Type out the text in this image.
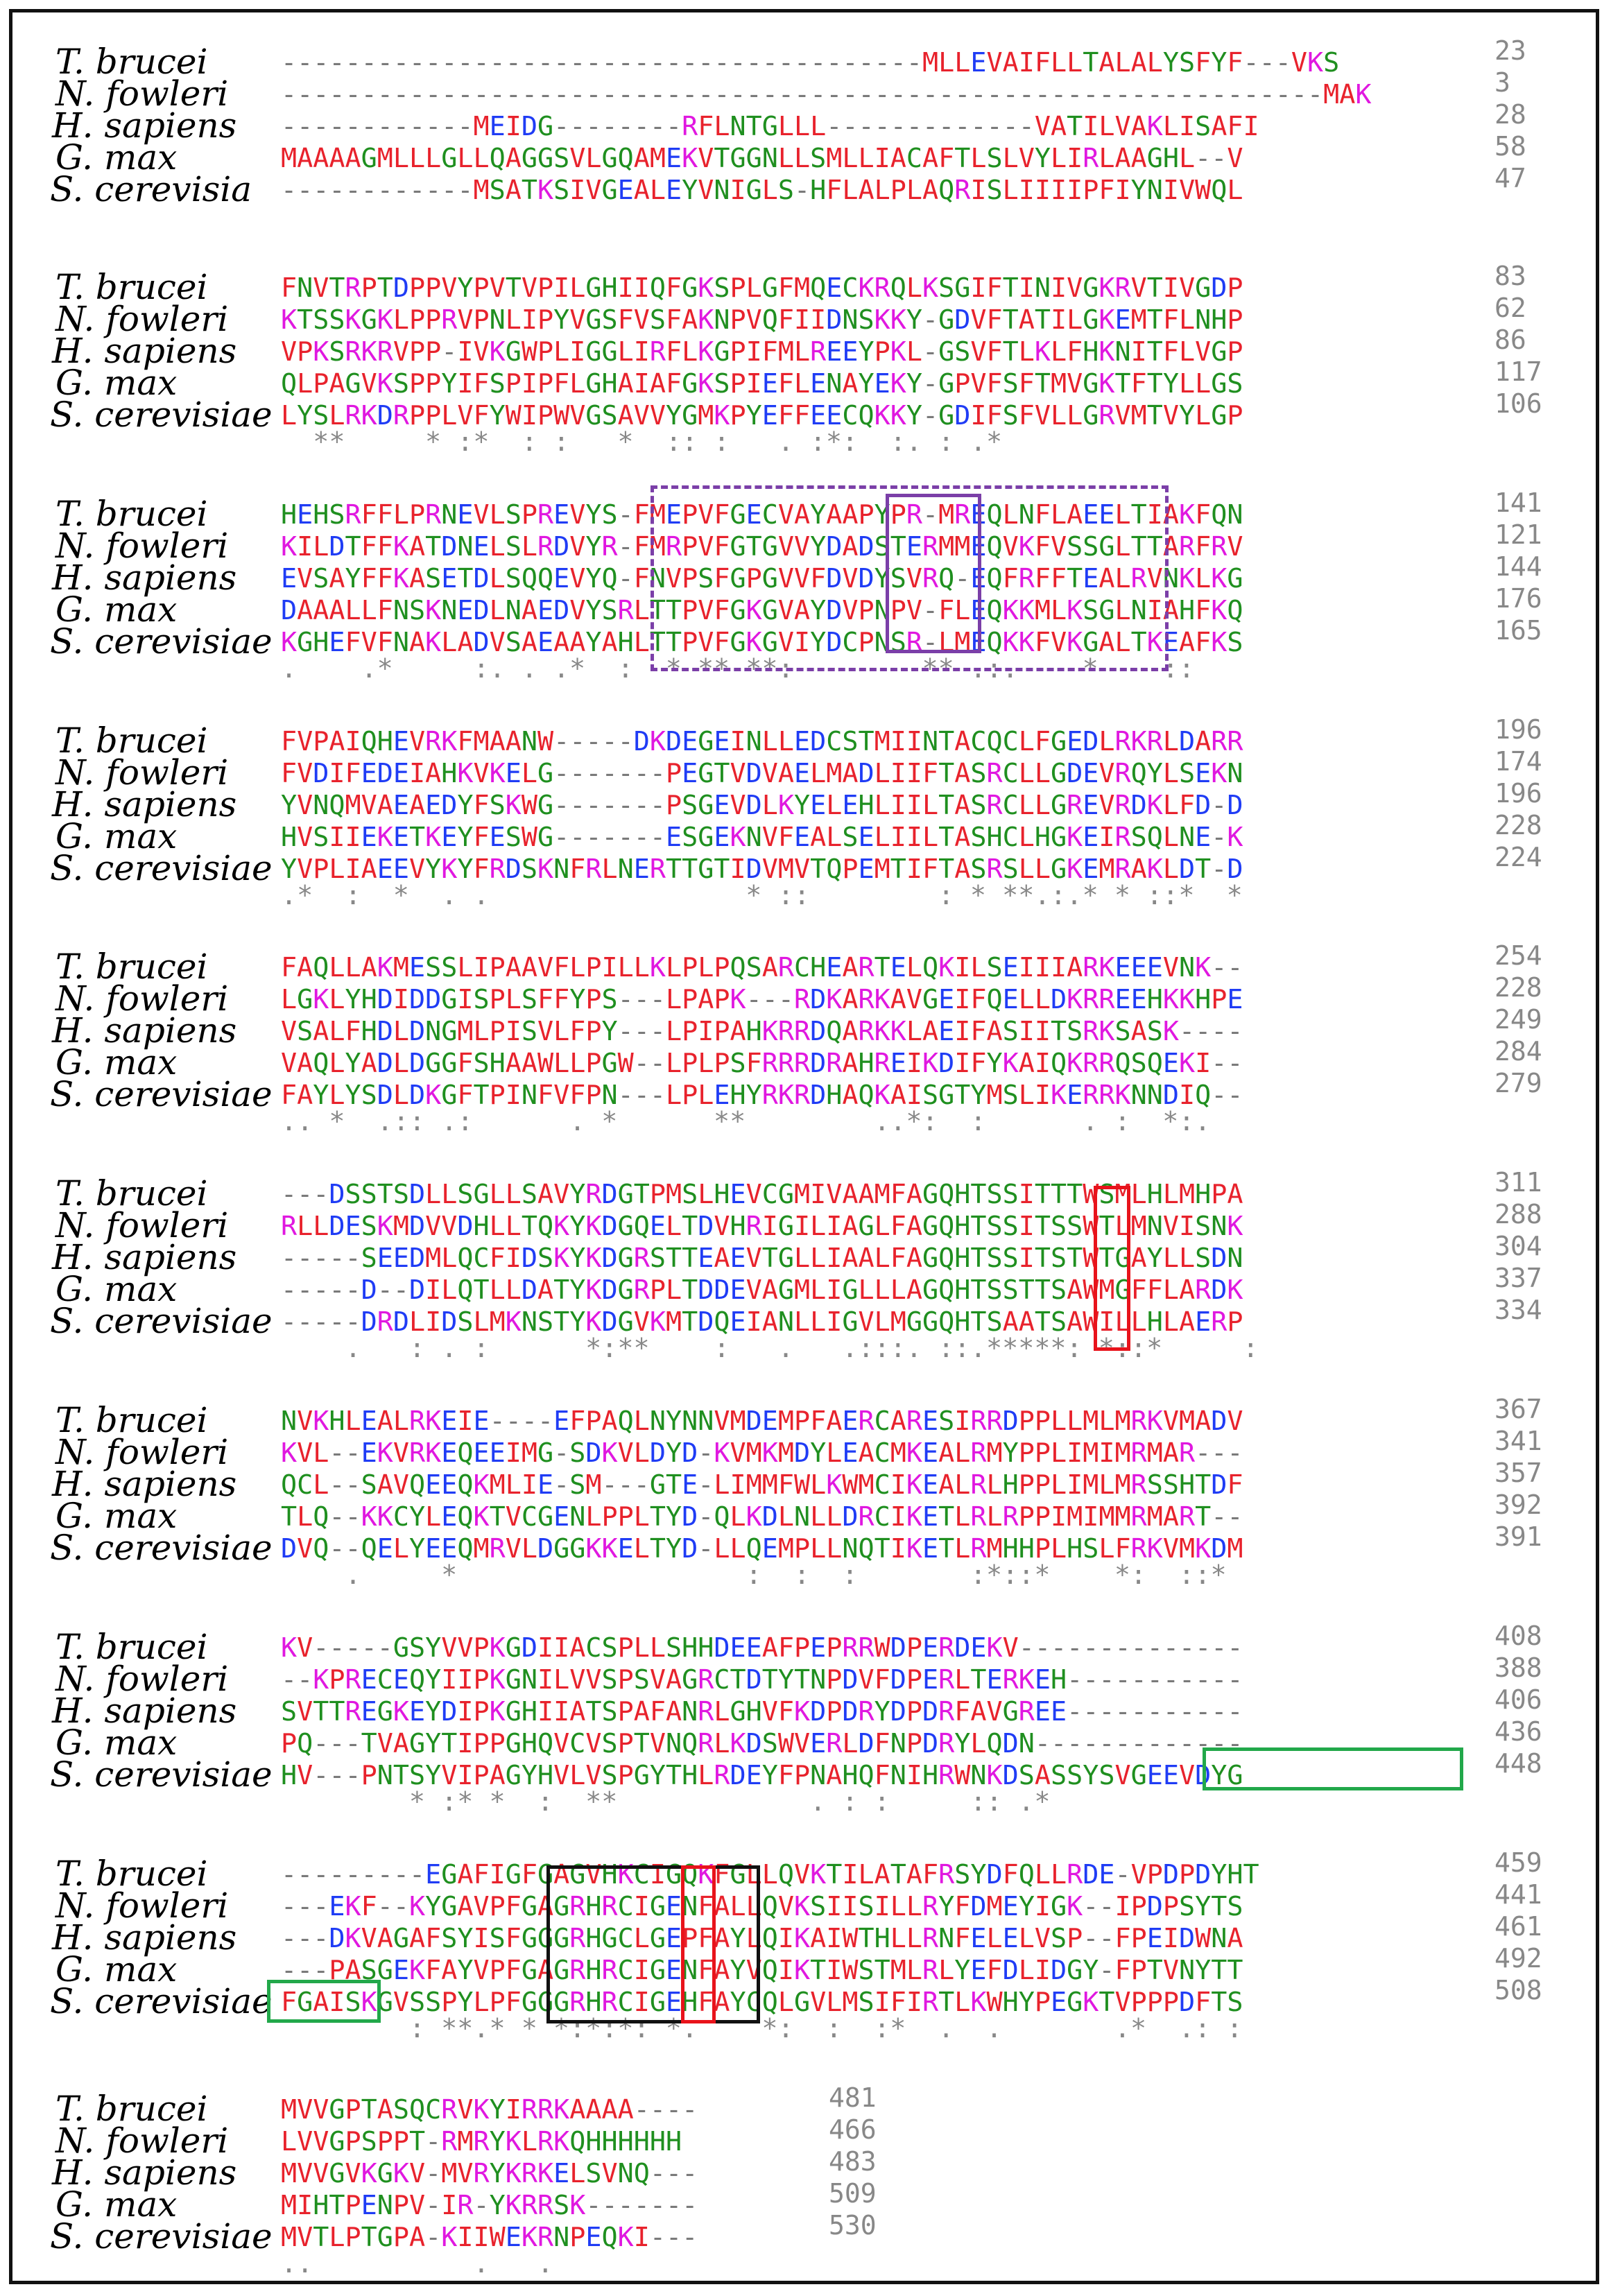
T. brucei	----------------------------------------MLLEVAIFLLTALALYSFYF---VKS	23
N. fowleri -----------------------------------------------------------------MAK	3
H. sapiens ------------MEIDG--------RFLNTGLLL-------------VATILVAKLISAFI	28
G. max	MAAAAGMLLLGLLQAGGSVLGQAMEKVTGGNLLSMLLIACAFTLSLVYLIRLAAGHL--V	58
S. cerevisia ------------MSATKSIVGEALEYVNIGLS-HFLALPLAQRISLIIIIPFIYNIVWQL	47
T. brucei	FNVTRPTDPPVYPVTVPILGHIIQFGKSPLGFMQECKRQLKSGIFTINIVGKRVTIVGDP	83
N. fowleri KTSSKGKLPPRVPNLIPYVGSFVSFAKNPVQFIIDNSKKY-GDVFTATILGKEMTFLNHP	62
H. sapiens VPKSRKRVPP-IVKGWPLIGGLIRFLKGPIFMLREEYPKL-GSVFTLKLFHKNITFLVGP	86
G. max	QLPAGVKSPPYIFSPIPFLGHAIAFGKSPIEFLENAYEKY-GPVFSFTMVGKTFTYLLGS	117
S. cerevisiae LYSLRKDRPPLVFYWIPWVGSAVVYGMKPYEFFEECQKKY-GDIFSFVLLGRVMTVYLGP	106
**     * :*  : :   *  :: :   . :*:  :. : .*
T. brucei	HEHSRFFLPRNEVLSPREVYS-FMEPVFGECVAYAAPYPR-MREQLNFLAEELTIAKFQN	141
N. fowleri KILDTFFKATDNELSLRDVYR-FMRPVFGTGVVYDADSTERMMEQVKFVSSGLTTARFRV	121
H. sapiens EVSAYFFKASETDLSQQEVYQ-FNVPSFGPGVVFDVDYSVRQ-EQFRFFTEALRVNKLKG	144
G. max	DAAALLFNSKNEDLNAEDVYSRLTTPVFGKGVAYDVPNPV-FLEQKKMLKSGLNIAHFKQ	176
S. cerevisiae KGHEFVFNAKLADVSAEAAYAHLTTPVFGKGVIYDCPNSR-LMEQKKFVKGALTKEAFKS	165
.    .*     :. . .*  :  * ** **:        ** .:.    *    ::
T. brucei	FVPAIQHEVRKFMAANW-----DKDEGEINLLEDCSTMIINTACQCLFGEDLRKRLDARR	196
N. fowleri FVDIFEDEIAHKVKELG-------PEGTVDVAELMADLIIFTASRCLLGDEVRQYLSEKN	174
H. sapiens YVNQMVAEAEDYFSKWG-------PSGEVDLKYELEHLIILTASRCLLGREVRDKLFD-D	196
G. max	HVSIIEKETKEYFESWG-------ESGEKNVFEALSELIILTASHCLHGKEIRSQLNE-K	228
S. cerevisiae YVPLIAEEVYKYFRDSKNFRLNERTTGTIDVMVTQPEMTIFTASRSLLGKEMRAKLDT-D	224
.*  :  *  . .                * ::        : * **.:.* * ::*  *
T. brucei	FAQLLAKMESSLIPAAVFLPILLKLPLPQSARCHEARTELQKILSEIIIARKEEEVNK--	254
N. fowleri LGKLYHDIDDGISPLSFFYPS---LPAPK---RDKARKAVGEIFQELLDKRREEHKKHPE	228
H. sapiens VSALFHDLDNGMLPISVLFPY---LPIPAHKRRDQARKKLAEIFASIITSRKSASK----	249
G. max	VAQLYADLDGGFSHAAWLLPGW--LPLPSFRRRDRAHREIKDIFYKAIQKRRQSQEKI--	284
S. cerevisiae FAYLYSDLDKGFTPINFVFPN---LPLEHYRKRDHAQKAISGTYMSLIKERRKNNDIQ--	279
.. *  .:: .:      . *      **        ..*:  :      . :  *:.
T. brucei	---DSSTSDLLSGLLSAVYRDGTPMSLHEVCGMIVAAMFAGQHTSSITTTWSMLHLMHPA	311
N. fowleri RLLDESKMDVVDHLLTQKYKDGQELTDVHRIGILIAGLFAGQHTSSITSSWTLMNVISNK	288
H. sapiens -----SEEDMLQCFIDSKYKDGRSTTEAEVTGLLIAALFAGQHTSSITSTWTGAYLLSDN	304
G. max	-----D--DILQTLLDATYKDGRPLTDDEVAGMLIGLLLAGQHTSSTTSAWMGFFLARDK	337
S. cerevisiae -----DRDLIDSLMKNSTYKDGVKMTDQEIANLLIGVLMGGQHTSAATSAWILLHLAERP	334
.   : . :      *:**    :   .   .:::. ::.*****: *::*     :
T. brucei	NVKHLEALRKEIE----EFPAQLNYNNVMDEMPFAERCARESIRRDPPLLMLMRKVMADV	367
N. fowleri KVL--EKVRKEQEEIMG-SDKVLDYD-KVMKMDYLEACMKEALRMYPPLIMIMRMAR---	341
H. sapiens QCL--SAVQEEQKMLIE-SM---GTE-LIMMFWLKWMCIKEALRLHPPLIMLMRSSHTDF	357
G. max	TLQ--KKCYLEQKTVCGENLPPLTYD-QLKDLNLLDRCIKETLRLRPPIMIMMRMART--	392
S. cerevisiae DVQ--QELYEEQMRVLDGGKKELTYD-LLQEMPLLNQTIKETLRMHHPLHSLFRKVMKDM	391
.     *                  :  :  :       :*::*    *:  ::*
T. brucei	KV-----GSYVVPKGDIIACSPLLSHHDEEAFPEPRRWDPERDEKV--------------	408
N. fowleri --KPRECEQYIIPKGNILVVSPSVAGRCTDTYTNPDVFDPERLTERKEH-----------	388
H. sapiens SVTTREGKEYDIPKGHIIATSPAFANRLGHVFKDPDRYDPDRFAVGREE-----------	406
G. max	PQ---TVAGYTIPPGHQVCVSPTVNQRLKDSWVERLDFNPDRYLQDN-------------	436
S. cerevisiae HV---PNTSYVIPAGYHVLVSPGYTHLRDEYFPNAHQFNIHRWNKDSASSYSVGEEVDYG	448
* :* *  :  **            . : :     :: .*
T. brucei	---------EGAFIGFGAGVHKCIGQKFGLLQVKTILATAFRSYDFQLLRDE-VPDPDYHT	459
N. fowleri ---EKF--KYGAVPFGAGRHRCIGENFALLQVKSIISILLRYFDMEYIGK--IPDPSYTS	441
H. sapiens ---DKVAGAFSYISFGGGRHGCLGEPFAYLQIKAIWTHLLRNFELELVSP--FPEIDWNA	461
G. max	---PASGEKFAYVPFGAGRHRCIGENFAYVQIKTIWSTMLRLYEFDLIDGY-FPTVNYTT	492
S. cerevisiae FGAISKGVSSPYLPFGGGRHRCIGEHFAYCQLGVLMSIFIRTLKWHYPEGKTVPPPDFTS	508
: **.* * *:*:*: *.    *:  :  :*  .  .       .*  .: :
T. brucei	MVVGPTASQCRVKYIRRKAAAA----	481
N. fowleri LVVGPSPPT-RMRYKLRKQHHHHHH	466
H. sapiens MVVGVKGKV-MVRYKRKELSVNQ---	483
G. max	MIHTPENPV-IR-YKRRSK-------	509
S. cerevisiae MVTLPTGPA-KIIWEKRNPEQKI---	530
..          .   .
